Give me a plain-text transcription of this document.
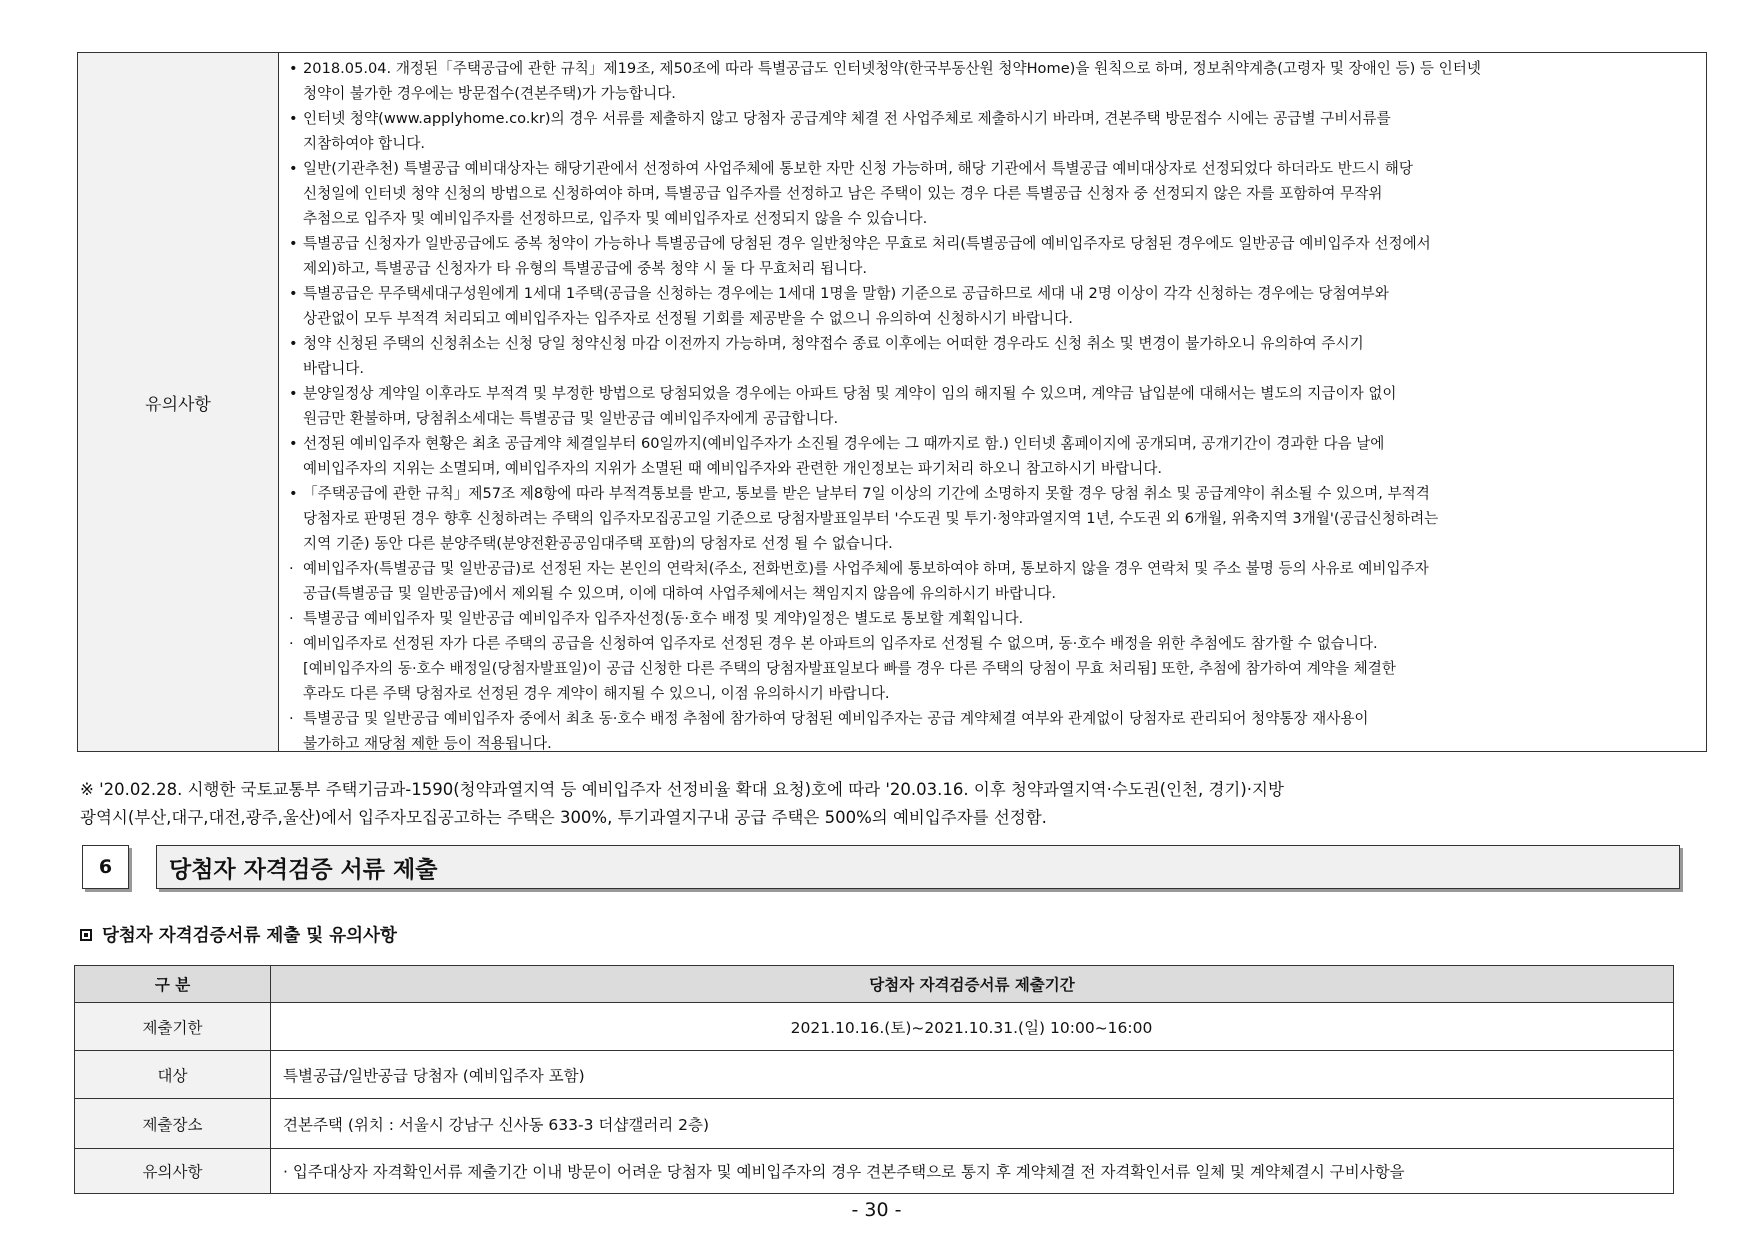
유의사항
• 2018.05.04. 개정된「주택공급에 관한 규칙」제19조, 제50조에 따라 특별공급도 인터넷청약(한국부동산원 청약Home)을 원칙으로 하며, 정보취약계층(고령자 및 장애인 등) 등 인터넷
청약이 불가한 경우에는 방문접수(견본주택)가 가능합니다.
• 인터넷 청약(www.applyhome.co.kr)의 경우 서류를 제출하지 않고 당첨자 공급계약 체결 전 사업주체로 제출하시기 바라며, 견본주택 방문접수 시에는 공급별 구비서류를
지참하여야 합니다.
• 일반(기관추천) 특별공급 예비대상자는 해당기관에서 선정하여 사업주체에 통보한 자만 신청 가능하며, 해당 기관에서 특별공급 예비대상자로 선정되었다 하더라도 반드시 해당
신청일에 인터넷 청약 신청의 방법으로 신청하여야 하며, 특별공급 입주자를 선정하고 남은 주택이 있는 경우 다른 특별공급 신청자 중 선정되지 않은 자를 포함하여 무작위
추첨으로 입주자 및 예비입주자를 선정하므로, 입주자 및 예비입주자로 선정되지 않을 수 있습니다.
• 특별공급 신청자가 일반공급에도 중복 청약이 가능하나 특별공급에 당첨된 경우 일반청약은 무효로 처리(특별공급에 예비입주자로 당첨된 경우에도 일반공급 예비입주자 선정에서
제외)하고, 특별공급 신청자가 타 유형의 특별공급에 중복 청약 시 둘 다 무효처리 됩니다.
• 특별공급은 무주택세대구성원에게 1세대 1주택(공급을 신청하는 경우에는 1세대 1명을 말함) 기준으로 공급하므로 세대 내 2명 이상이 각각 신청하는 경우에는 당첨여부와
상관없이 모두 부적격 처리되고 예비입주자는 입주자로 선정될 기회를 제공받을 수 없으니 유의하여 신청하시기 바랍니다.
• 청약 신청된 주택의 신청취소는 신청 당일 청약신청 마감 이전까지 가능하며, 청약접수 종료 이후에는 어떠한 경우라도 신청 취소 및 변경이 불가하오니 유의하여 주시기
바랍니다.
• 분양일정상 계약일 이후라도 부적격 및 부정한 방법으로 당첨되었을 경우에는 아파트 당첨 및 계약이 임의 해지될 수 있으며, 계약금 납입분에 대해서는 별도의 지급이자 없이
원금만 환불하며, 당첨취소세대는 특별공급 및 일반공급 예비입주자에게 공급합니다.
• 선정된 예비입주자 현황은 최초 공급계약 체결일부터 60일까지(예비입주자가 소진될 경우에는 그 때까지로 함.) 인터넷 홈페이지에 공개되며, 공개기간이 경과한 다음 날에
예비입주자의 지위는 소멸되며, 예비입주자의 지위가 소멸된 때 예비입주자와 관련한 개인정보는 파기처리 하오니 참고하시기 바랍니다.
• 「주택공급에 관한 규칙」제57조 제8항에 따라 부적격통보를 받고, 통보를 받은 날부터 7일 이상의 기간에 소명하지 못할 경우 당첨 취소 및 공급계약이 취소될 수 있으며, 부적격
당첨자로 판명된 경우 향후 신청하려는 주택의 입주자모집공고일 기준으로 당첨자발표일부터 '수도권 및 투기·청약과열지역 1년, 수도권 외 6개월, 위축지역 3개월'(공급신청하려는
지역 기준) 동안 다른 분양주택(분양전환공공임대주택 포함)의 당첨자로 선정 될 수 없습니다.
· 예비입주자(특별공급 및 일반공급)로 선정된 자는 본인의 연락처(주소, 전화번호)를 사업주체에 통보하여야 하며, 통보하지 않을 경우 연락처 및 주소 불명 등의 사유로 예비입주자
공급(특별공급 및 일반공급)에서 제외될 수 있으며, 이에 대하여 사업주체에서는 책임지지 않음에 유의하시기 바랍니다.
· 특별공급 예비입주자 및 일반공급 예비입주자 입주자선정(동·호수 배정 및 계약)일정은 별도로 통보할 계획입니다.
· 예비입주자로 선정된 자가 다른 주택의 공급을 신청하여 입주자로 선정된 경우 본 아파트의 입주자로 선정될 수 없으며, 동·호수 배정을 위한 추첨에도 참가할 수 없습니다.
[예비입주자의 동·호수 배정일(당첨자발표일)이 공급 신청한 다른 주택의 당첨자발표일보다 빠를 경우 다른 주택의 당첨이 무효 처리됨] 또한, 추첨에 참가하여 계약을 체결한
후라도 다른 주택 당첨자로 선정된 경우 계약이 해지될 수 있으니, 이점 유의하시기 바랍니다.
· 특별공급 및 일반공급 예비입주자 중에서 최초 동·호수 배정 추첨에 참가하여 당첨된 예비입주자는 공급 계약체결 여부와 관계없이 당첨자로 관리되어 청약통장 재사용이
불가하고 재당첨 제한 등이 적용됩니다.
※ '20.02.28. 시행한 국토교통부 주택기금과-1590(청약과열지역 등 예비입주자 선정비율 확대 요청)호에 따라 '20.03.16. 이후 청약과열지역·수도권(인천, 경기)·지방
광역시(부산,대구,대전,광주,울산)에서 입주자모집공고하는 주택은 300%, 투기과열지구내 공급 주택은 500%의 예비입주자를 선정함.
6	당첨자 자격검증 서류 제출
당첨자 자격검증서류 제출 및 유의사항
구 분	당첨자 자격검증서류 제출기간
제출기한	2021.10.16.(토)~2021.10.31.(일) 10:00~16:00
대상	특별공급/일반공급 당첨자 (예비입주자 포함)
제출장소	견본주택 (위치 : 서울시 강남구 신사동 633-3 더샵갤러리 2층)
유의사항	· 입주대상자 자격확인서류 제출기간 이내 방문이 어려운 당첨자 및 예비입주자의 경우 견본주택으로 통지 후 계약체결 전 자격확인서류 일체 및 계약체결시 구비사항을
- 30 -
